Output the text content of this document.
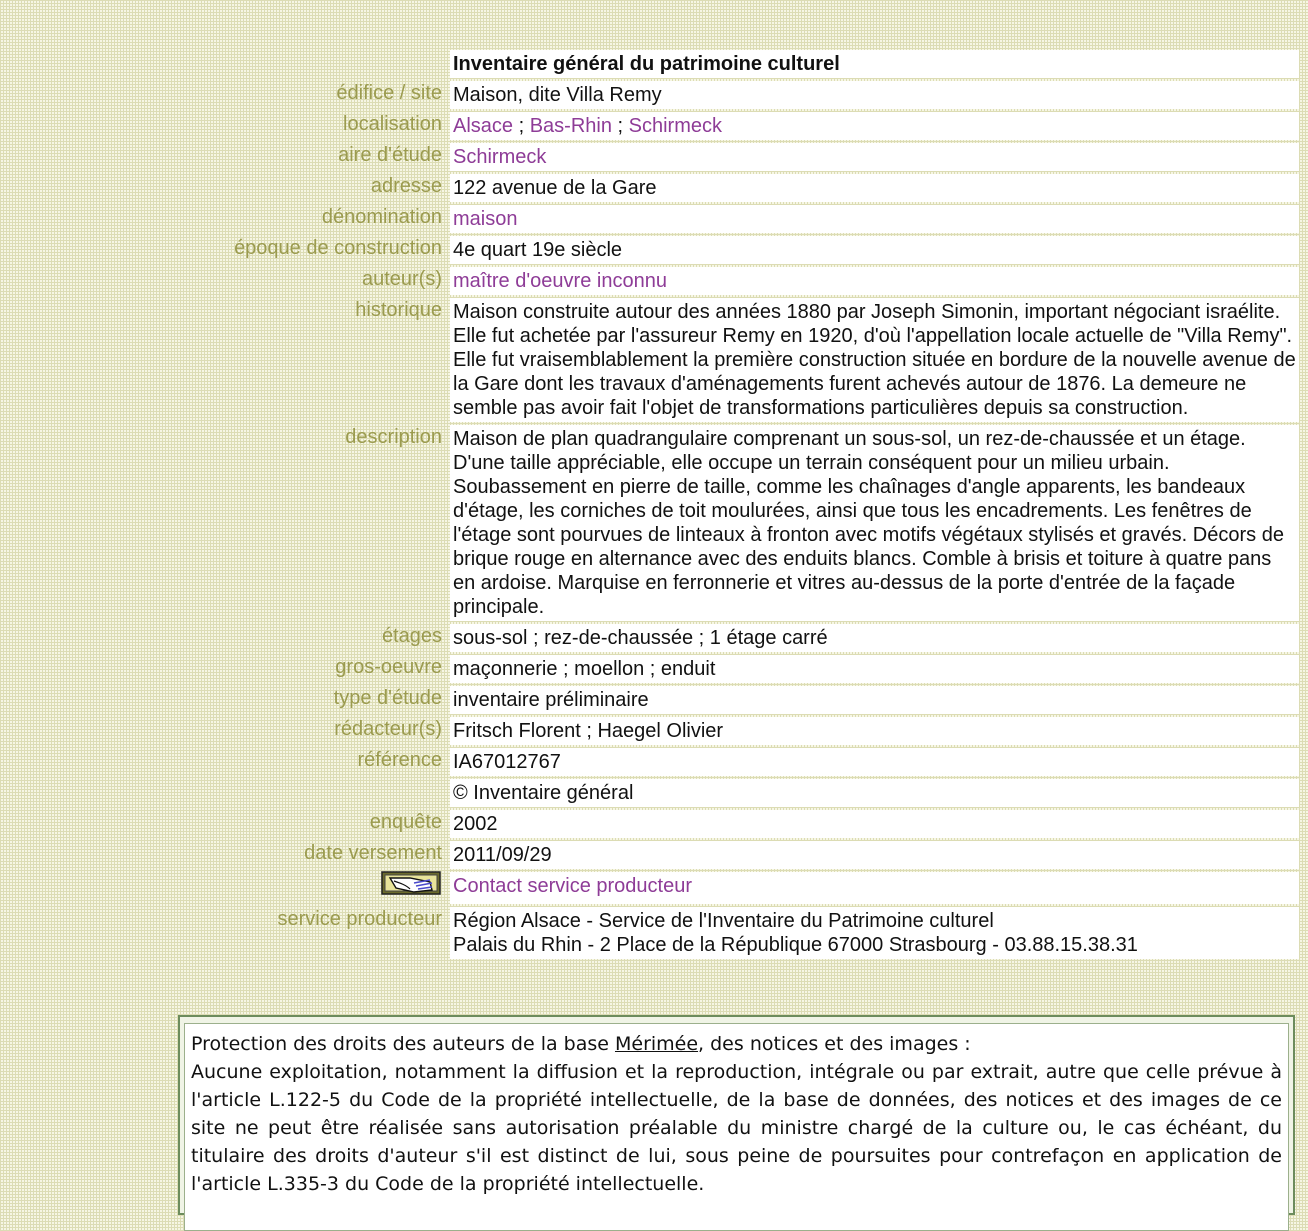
	Inventaire général du patrimoine culturel
édifice / site	Maison, dite Villa Remy
localisation	Alsace ; Bas-Rhin ; Schirmeck
aire d'étude	Schirmeck
adresse	122 avenue de la Gare
dénomination	maison
époque de construction	4e quart 19e siècle
auteur(s)	maître d'oeuvre inconnu
historique	Maison construite autour des années 1880 par Joseph Simonin, important négociant israélite. Elle fut achetée par l'assureur Remy en 1920, d'où l'appellation locale actuelle de "Villa Remy". Elle fut vraisemblablement la première construction située en bordure de la nouvelle avenue de la Gare dont les travaux d'aménagements furent achevés autour de 1876. La demeure ne semble pas avoir fait l'objet de transformations particulières depuis sa construction.
description	Maison de plan quadrangulaire comprenant un sous-sol, un rez-de-chaussée et un étage. D'une taille appréciable, elle occupe un terrain conséquent pour un milieu urbain. Soubassement en pierre de taille, comme les chaînages d'angle apparents, les bandeaux d'étage, les corniches de toit moulurées, ainsi que tous les encadrements. Les fenêtres de l'étage sont pourvues de linteaux à fronton avec motifs végétaux stylisés et gravés. Décors de brique rouge en alternance avec des enduits blancs. Comble à brisis et toiture à quatre pans en ardoise. Marquise en ferronnerie et vitres au-dessus de la porte d'entrée de la façade principale.
étages	sous-sol ; rez-de-chaussée ; 1 étage carré
gros-oeuvre	maçonnerie ; moellon ; enduit
type d'étude	inventaire préliminaire
rédacteur(s)	Fritsch Florent ; Haegel Olivier
référence	IA67012767
	© Inventaire général
enquête	2002
date versement	2011/09/29
	Contact service producteur
service producteur	Région Alsace - Service de l'Inventaire du Patrimoine culturel
Palais du Rhin - 2 Place de la République 67000 Strasbourg - 03.88.15.38.31
Protection des droits des auteurs de la base Mérimée, des notices et des images :
Aucune exploitation, notamment la diffusion et la reproduction, intégrale ou par extrait, autre que celle prévue à l'article L.122-5 du Code de la propriété intellectuelle, de la base de données, des notices et des images de ce site ne peut être réalisée sans autorisation préalable du ministre chargé de la culture ou, le cas échéant, du titulaire des droits d'auteur s'il est distinct de lui, sous peine de poursuites pour contrefaçon en application de l'article L.335-3 du Code de la propriété intellectuelle.
